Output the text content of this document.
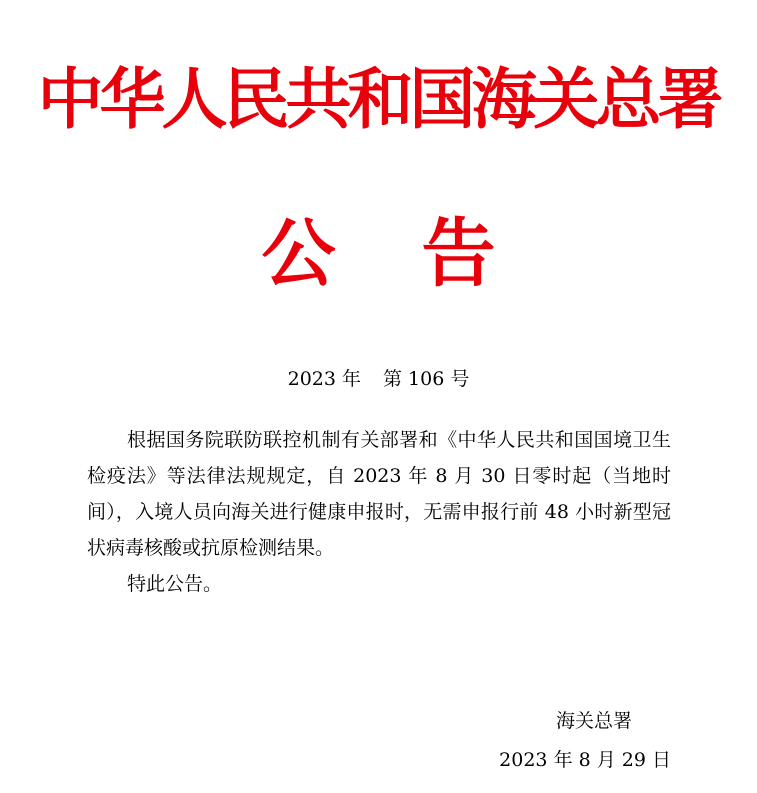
中华人民共和国海关总署
公 告
2023 年 第 106 号

根据国务院联防联控机制有关部署和《中华人民共和国国境卫生检疫法》等法律法规规定，自 2023 年 8 月 30 日零时起（当地时间），入境人员向海关进行健康申报时，无需申报行前 48 小时新型冠状病毒核酸或抗原检测结果。

特此公告。

海关总署
2023 年 8 月 29 日
